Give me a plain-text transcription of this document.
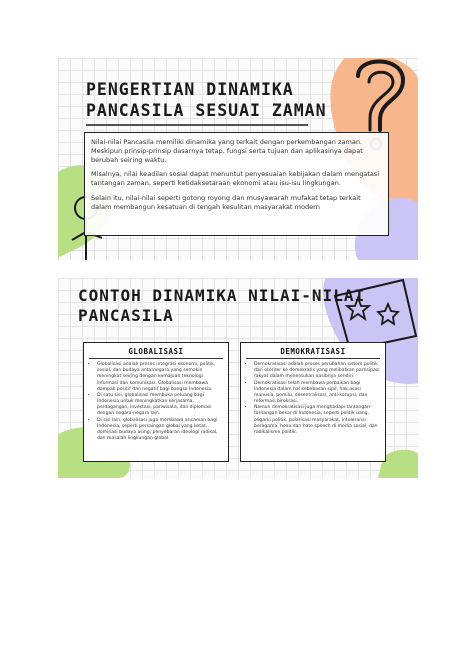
PENGERTIAN DINAMIKA
PANCASILA SESUAI ZAMAN

Nilai-nilai Pancasila memiliki dinamika yang terkait dengan perkembangan zaman. Meskipun prinsip-prinsip dasarnya tetap, fungsi serta tujuan dan aplikasinya dapat berubah seiring waktu.

Misalnya, nilai keadilan sosial dapat menuntut penyesuaian kebijakan dalam mengatasi tantangan zaman, seperti ketidaksetaraan ekonomi atau isu-isu lingkungan.

Selain itu, nilai-nilai seperti gotong royong dan musyawarah mufakat tetap terkait dalam membangun kesatuan di tengah kesulitan masyarakat modern

CONTOH DINAMIKA NILAI-NILAI
PANCASILA
GLOBALISASI
• Globalisasi adalah proses integrasi ekonomi, politik, sosial, dan budaya antarnegara yang semakin meningkat seiring dengan kemajuan teknologi informasi dan komunikasi. Globalisasi membawa dampak positif dan negatif bagi bangsa Indonesia.
• Di satu sisi, globalisasi membuka peluang bagi Indonesia untuk meningkatkan kerjasama, perdagangan, investasi, pariwisata, dan diplomasi dengan negara-negara lain.
• Di sisi lain, globalisasi juga membawa ancaman bagi Indonesia, seperti persaingan global yang ketat, dominasi budaya asing, penyebaran ideologi radikal, dan masalah lingkungan global.
DEMOKRATISASI
• Demokratisasi adalah proses perubahan sistem politik dari otoriter ke demokratis yang melibatkan partisipasi rakyat dalam menentukan nasibnya sendiri.
• Demokratisasi telah membawa perbaikan bagi Indonesia dalam hal kebebasan sipil, hak asasi manusia, pemilu, desentralisasi, anti-korupsi, dan reformasi birokrasi.
• Namun demokratisasi juga menghadapi tantangan-tantangan besar di Indonesia, seperti politik uang, oligarki politik, polarisasi masyarakat, intoleransi beragama, hoax dan hate speech di media sosial, dan radikalisme politik.
